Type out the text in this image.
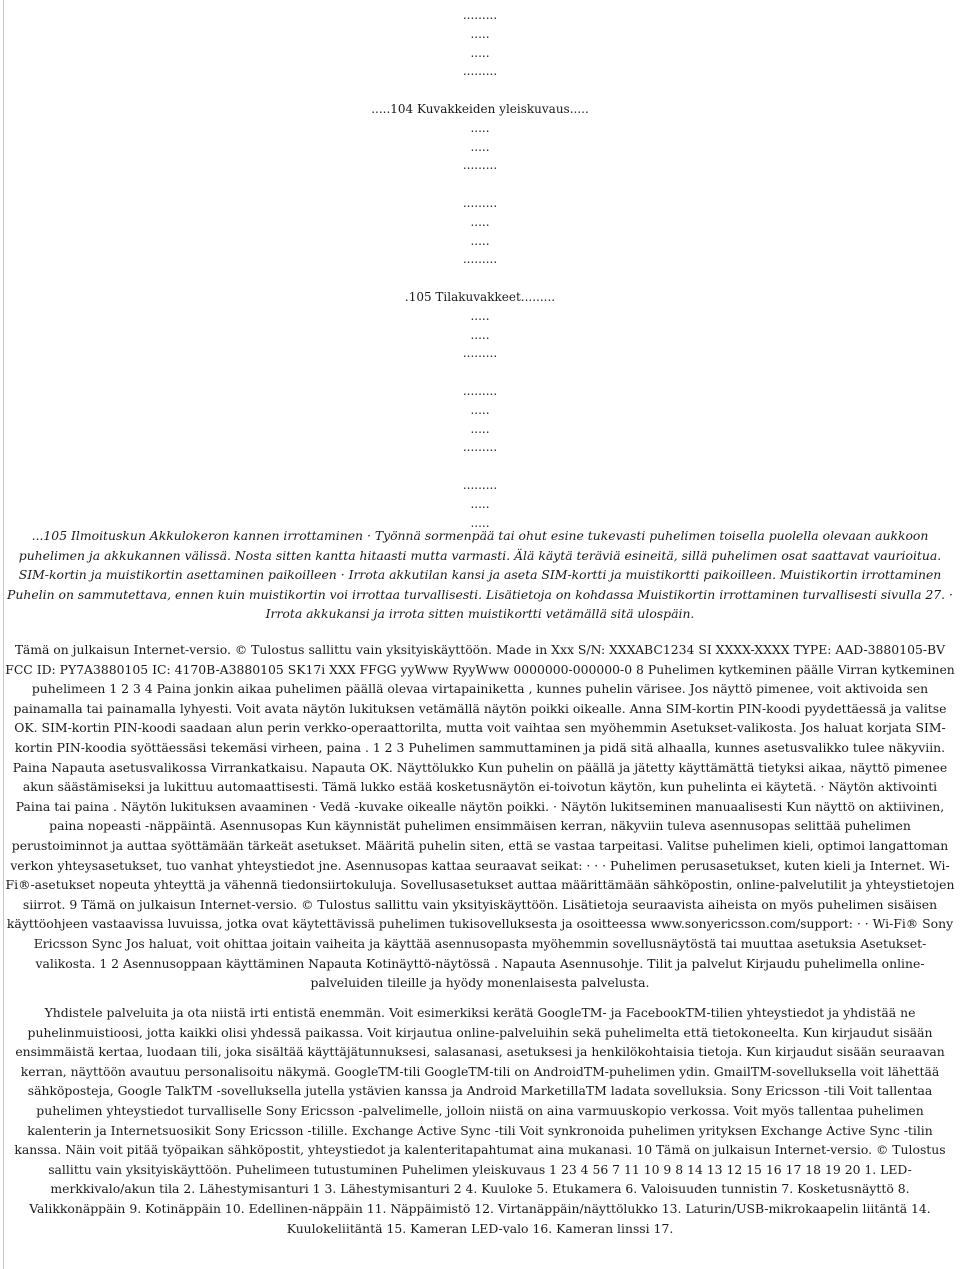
.........
.....
.....
.........
.....104 Kuvakkeiden yleiskuvaus.....
.....
.....
.........
.........
.....
.....
.........
.105 Tilakuvakkeet.........
.....
.....
.........
.........
.....
.....
.........
.........
.....
.....
...105 Ilmoituskun Akkulokeron kannen irrottaminen · Työnnä sormenpää tai ohut esine tukevasti puhelimen toisella puolella olevaan aukkoon puhelimen ja akkukannen välissä. Nosta sitten kantta hitaasti mutta varmasti. Älä käytä teräviä esineitä, sillä puhelimen osat saattavat vaurioitua. SIM-kortin ja muistikortin asettaminen paikoilleen · Irrota akkutilan kansi ja aseta SIM-kortti ja muistikortti paikoilleen. Muistikortin irrottaminen Puhelin on sammutettava, ennen kuin muistikortin voi irrottaa turvallisesti. Lisätietoja on kohdassa Muistikortin irrottaminen turvallisesti sivulla 27. · Irrota akkukansi ja irrota sitten muistikortti vetämällä sitä ulospäin.
Tämä on julkaisun Internet-versio. © Tulostus sallittu vain yksityiskäyttöön. Made in Xxx S/N: XXXABC1234 SI XXXX-XXXX TYPE: AAD-3880105-BV FCC ID: PY7A3880105 IC: 4170B-A3880105 SK17i XXX FFGG yyWww RyyWww 0000000-000000-0 8 Puhelimen kytkeminen päälle Virran kytkeminen puhelimeen 1 2 3 4 Paina jonkin aikaa puhelimen päällä olevaa virtapainiketta , kunnes puhelin värisee. Jos näyttö pimenee, voit aktivoida sen painamalla tai painamalla lyhyesti. Voit avata näytön lukituksen vetämällä näytön poikki oikealle. Anna SIM-kortin PIN-koodi pyydettäessä ja valitse OK. SIM-kortin PIN-koodi saadaan alun perin verkko-operaattorilta, mutta voit vaihtaa sen myöhemmin Asetukset-valikosta. Jos haluat korjata SIM-kortin PIN-koodia syöttäessäsi tekemäsi virheen, paina . 1 2 3 Puhelimen sammuttaminen ja pidä sitä alhaalla, kunnes asetusvalikko tulee näkyviin. Paina Napauta asetusvalikossa Virrankatkaisu. Napauta OK. Näyttölukko Kun puhelin on päällä ja jätetty käyttämättä tietyksi aikaa, näyttö pimenee akun säästämiseksi ja lukittuu automaattisesti. Tämä lukko estää kosketusnäytön ei-toivotun käytön, kun puhelinta ei käytetä. · Näytön aktivointi Paina tai paina . Näytön lukituksen avaaminen · Vedä -kuvake oikealle näytön poikki. · Näytön lukitseminen manuaalisesti Kun näyttö on aktiivinen, paina nopeasti -näppäintä. Asennusopas Kun käynnistät puhelimen ensimmäisen kerran, näkyviin tuleva asennusopas selittää puhelimen perustoiminnot ja auttaa syöttämään tärkeät asetukset. Määritä puhelin siten, että se vastaa tarpeitasi. Valitse puhelimen kieli, optimoi langattoman verkon yhteysasetukset, tuo vanhat yhteystiedot jne. Asennusopas kattaa seuraavat seikat: · · · Puhelimen perusasetukset, kuten kieli ja Internet. Wi-Fi®-asetukset nopeuta yhteyttä ja vähennä tiedonsiirtokuluja. Sovellusasetukset auttaa määrittämään sähköpostin, online-palvelutilit ja yhteystietojen siirrot. 9 Tämä on julkaisun Internet-versio. © Tulostus sallittu vain yksityiskäyttöön. Lisätietoja seuraavista aiheista on myös puhelimen sisäisen käyttöohjeen vastaavissa luvuissa, jotka ovat käytettävissä puhelimen tukisovelluksesta ja osoitteessa www.sonyericsson.com/support: · · Wi-Fi® Sony Ericsson Sync Jos haluat, voit ohittaa joitain vaiheita ja käyttää asennusopasta myöhemmin sovellusnäytöstä tai muuttaa asetuksia Asetukset-valikosta. 1 2 Asennusoppaan käyttäminen Napauta Kotinäyttö-näytössä . Napauta Asennusohje. Tilit ja palvelut Kirjaudu puhelimella online-palveluiden tileille ja hyödy monenlaisesta palvelusta.
Yhdistele palveluita ja ota niistä irti entistä enemmän. Voit esimerkiksi kerätä GoogleTM- ja FacebookTM-tilien yhteystiedot ja yhdistää ne puhelinmuistioosi, jotta kaikki olisi yhdessä paikassa. Voit kirjautua online-palveluihin sekä puhelimelta että tietokoneelta. Kun kirjaudut sisään ensimmäistä kertaa, luodaan tili, joka sisältää käyttäjätunnuksesi, salasanasi, asetuksesi ja henkilökohtaisia tietoja. Kun kirjaudut sisään seuraavan kerran, näyttöön avautuu personalisoitu näkymä. GoogleTM-tili GoogleTM-tili on AndroidTM-puhelimen ydin. GmailTM-sovelluksella voit lähettää sähköposteja, Google TalkTM -sovelluksella jutella ystävien kanssa ja Android MarketillaTM ladata sovelluksia. Sony Ericsson -tili Voit tallentaa puhelimen yhteystiedot turvalliselle Sony Ericsson -palvelimelle, jolloin niistä on aina varmuuskopio verkossa. Voit myös tallentaa puhelimen kalenterin ja Internetsuosikit Sony Ericsson -tilille. Exchange Active Sync -tili Voit synkronoida puhelimen yrityksen Exchange Active Sync -tilin kanssa. Näin voit pitää työpaikan sähköpostit, yhteystiedot ja kalenteritapahtumat aina mukanasi. 10 Tämä on julkaisun Internet-versio. © Tulostus sallittu vain yksityiskäyttöön. Puhelimeen tutustuminen Puhelimen yleiskuvaus 1 23 4 56 7 11 10 9 8 14 13 12 15 16 17 18 19 20 1. LED-merkkivalo/akun tila 2. Lähestymisanturi 1 3. Lähestymisanturi 2 4. Kuuloke 5. Etukamera 6. Valoisuuden tunnistin 7. Kosketusnäyttö 8. Valikkonäppäin 9. Kotinäppäin 10. Edellinen-näppäin 11. Näppäimistö 12. Virtanäppäin/näyttölukko 13. Laturin/USB-mikrokaapelin liitäntä 14. Kuulokeliitäntä 15. Kameran LED-valo 16. Kameran linssi 17.
